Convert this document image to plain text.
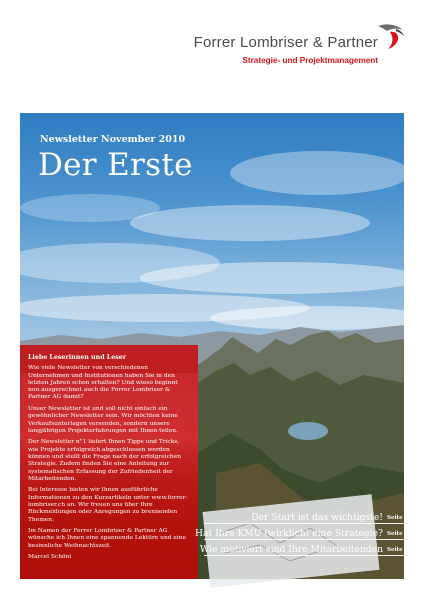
Forrer Lombriser & Partner
Strategie- und Projektmanagement
Newsletter November 2010
Der Erste
Liebe Leserinnen und Leser

Wie viele Newsletter von verschiedenen Unternehmen und Institutionen haben Sie in den letzten Jahren schon erhalten? Und wieso beginnt nun ausgerechnet auch die Forrer Lombriser & Partner AG damit?

Unser Newsletter ist und soll nicht einfach ein gewöhnlicher Newsletter sein. Wir möchten keine Verkaufsunterlagen versenden, sondern unsere langjährigen Projekterfahrungen mit Ihnen teilen.

Der Newsletter n°1 liefert Ihnen Tipps und Tricks, wie Projekte erfolgreich abgeschlossen werden können und stellt die Frage nach der erfolgreichen Strategie. Zudem finden Sie eine Anleitung zur systematischen Erfassung der Zufriedenheit der Mitarbeitenden.

Bei Interesse bieten wir Ihnen ausführliche Informationen zu den Kurzartikeln unter www.forrer-lombriser.ch an. Wir freuen uns über Ihre Rückmeldungen oder Anregungen zu brennenden Themen.

Im Namen der Forrer Lombriser & Partner AG wünsche ich Ihnen eine spannende Lektüre und eine besinnliche Weihnachtszeit.

Marcel Schöni

Der Start ist das wichtigste! Seite 2
Hat Ihre KMU (wirklich) eine Strategie? Seite 3
Wie motiviert sind Ihre Mitarbeitenden Seite 4
